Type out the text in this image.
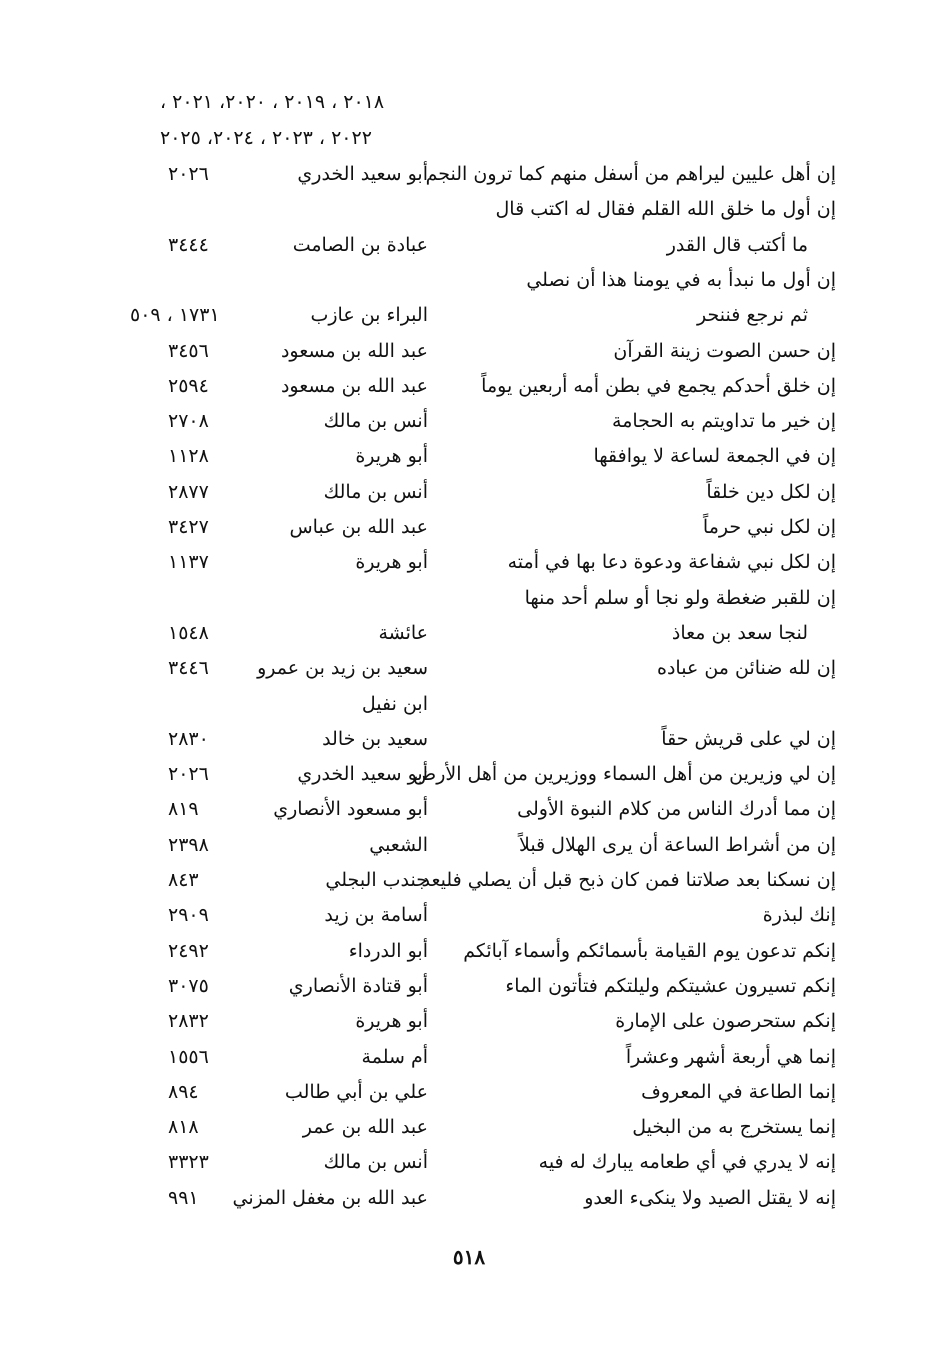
٢٠١٨ ، ٢٠١٩ ، ٢٠٢٠، ٢٠٢١ ،
٢٠٢٢ ، ٢٠٢٣ ، ٢٠٢٤، ٢٠٢٥
إن أهل عليين ليراهم من أسفل منهم كما ترون النجم
أبو سعيد الخدري
٢٠٢٦
إن أول ما خلق الله القلم فقال له اكتب قال
ما أكتب قال القدر
عبادة بن الصامت
٣٤٤٤
إن أول ما نبدأ به في يومنا هذا أن نصلي
ثم نرجع فننحر
البراء بن عازب
١٧٣١ ، ٥٠٩
إن حسن الصوت زينة القرآن
عبد الله بن مسعود
٣٤٥٦
إن خلق أحدكم يجمع في بطن أمه أربعين يوماً
عبد الله بن مسعود
٢٥٩٤
إن خير ما تداويتم به الحجامة
أنس بن مالك
٢٧٠٨
إن في الجمعة لساعة لا يوافقها
أبو هريرة
١١٢٨
إن لكل دين خلقاً
أنس بن مالك
٢٨٧٧
إن لكل نبي حرماً
عبد الله بن عباس
٣٤٢٧
إن لكل نبي شفاعة ودعوة دعا بها في أمته
أبو هريرة
١١٣٧
إن للقبر ضغطة ولو نجا أو سلم أحد منها
لنجا سعد بن معاذ
عائشة
١٥٤٨
إن لله ضنائن من عباده
سعيد بن زيد بن عمرو
٣٤٤٦
ابن نفيل
إن لي على قريش حقاً
سعيد بن خالد
٢٨٣٠
إن لي وزيرين من أهل السماء ووزيرين من أهل الأرض
أبو سعيد الخدري
٢٠٢٦
إن مما أدرك الناس من كلام النبوة الأولى
أبو مسعود الأنصاري
٨١٩
إن من أشراط الساعة أن يرى الهلال قبلاً
الشعبي
٢٣٩٨
إن نسكنا بعد صلاتنا فمن كان ذبح قبل أن يصلي فليعد
جندب البجلي
٨٤٣
إنك لبذرة
أسامة بن زيد
٢٩٠٩
إنكم تدعون يوم القيامة بأسمائكم وأسماء آبائكم
أبو الدرداء
٢٤٩٢
إنكم تسيرون عشيتكم وليلتكم فتأتون الماء
أبو قتادة الأنصاري
٣٠٧٥
إنكم ستحرصون على الإمارة
أبو هريرة
٢٨٣٢
إنما هي أربعة أشهر وعشراً
أم سلمة
١٥٥٦
إنما الطاعة في المعروف
علي بن أبي طالب
٨٩٤
إنما يستخرج به من البخيل
عبد الله بن عمر
٨١٨
إنه لا يدري في أي طعامه يبارك له فيه
أنس بن مالك
٣٣٢٣
إنه لا يقتل الصيد ولا ينكىء العدو
عبد الله بن مغفل المزني
٩٩١
٥١٨
